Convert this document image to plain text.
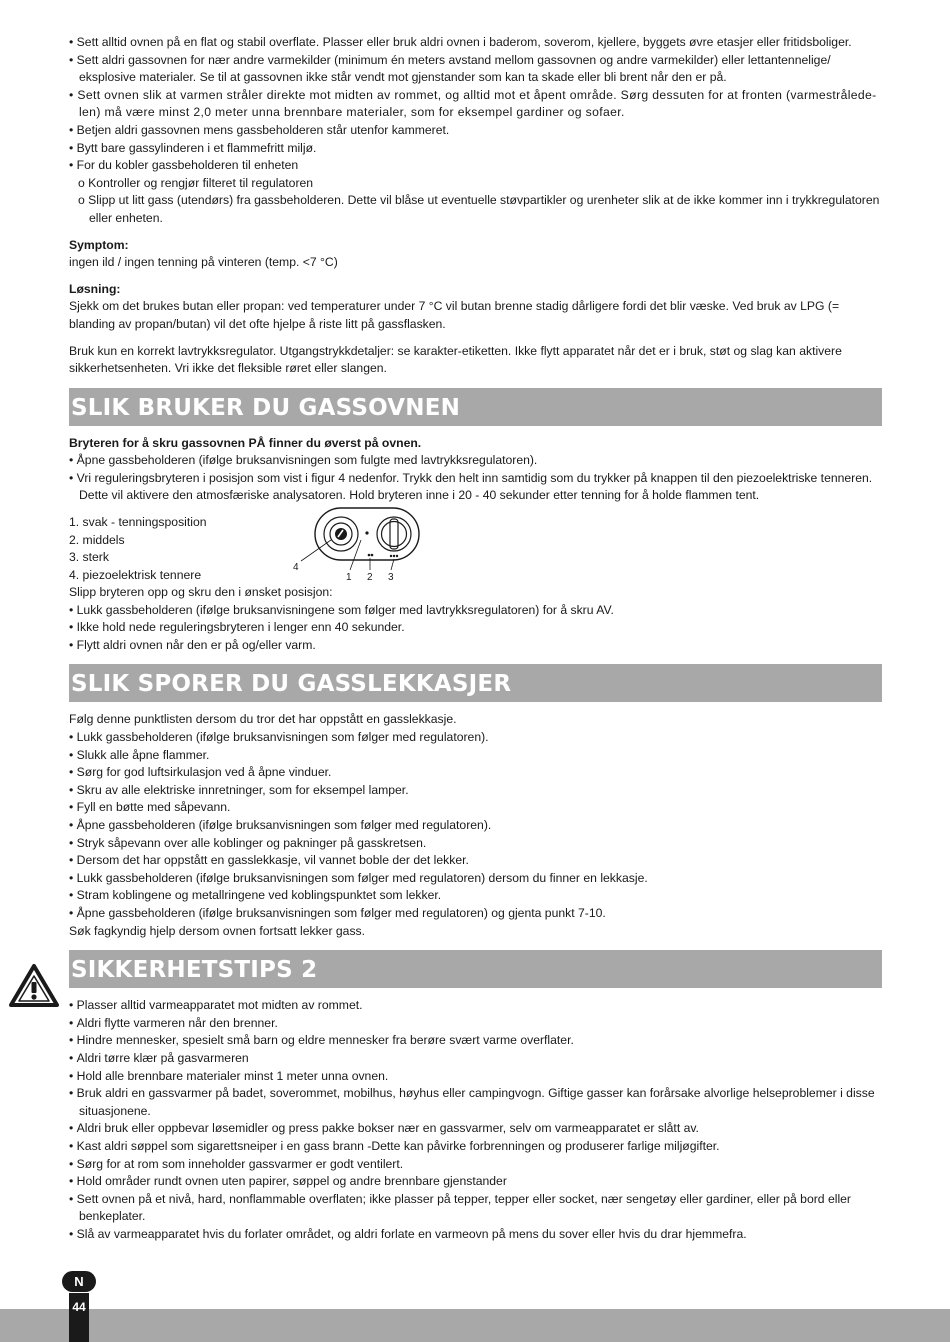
• Sett alltid ovnen på en flat og stabil overflate. Plasser eller bruk aldri ovnen i baderom, soverom, kjellere, byggets øvre etasjer eller fritidsboliger.

• Sett aldri gassovnen for nær andre varmekilder (minimum én meters avstand mellom gassovnen og andre varmekilder) eller lettantennelige/ eksplosive materialer. Se til at gassovnen ikke står vendt mot gjenstander som kan ta skade eller bli brent når den er på.

• Sett ovnen slik at varmen stråler direkte mot midten av rommet, og alltid mot et åpent område. Sørg dessuten for at fronten (varmestråledelen) må være minst 2,0 meter unna brennbare materialer, som for eksempel gardiner og sofaer.

• Betjen aldri gassovnen mens gassbeholderen står utenfor kammeret.

• Bytt bare gassylinderen i et flammefritt miljø.

• For du kobler gassbeholderen til enheten

o Kontroller og rengjør filteret til regulatoren

o Slipp ut litt gass (utendørs) fra gassbeholderen. Dette vil blåse ut eventuelle støvpartikler og urenheter slik at de ikke kommer inn i trykkregulatoren eller enheten.

Symptom:

ingen ild / ingen tenning på vinteren (temp. <7 °C)

Løsning:

Sjekk om det brukes butan eller propan: ved temperaturer under 7 °C vil butan brenne stadig dårligere fordi det blir væske. Ved bruk av LPG (= blanding av propan/butan) vil det ofte hjelpe å riste litt på gassflasken.

Bruk kun en korrekt lavtrykksregulator. Utgangstrykkdetaljer: se karakter-etiketten. Ikke flytt apparatet når det er i bruk, støt og slag kan aktivere sikkerhetsenheten. Vri ikke det fleksible røret eller slangen.

SLIK BRUKER DU GASSOVNEN

Bryteren for å skru gassovnen PÅ finner du øverst på ovnen.

• Åpne gassbeholderen (ifølge bruksanvisningen som fulgte med lavtrykksregulatoren).

• Vri reguleringsbryteren i posisjon som vist i figur 4 nedenfor. Trykk den helt inn samtidig som du trykker på knappen til den piezoelektriske tenneren. Dette vil aktivere den atmosfæriske analysatoren. Hold bryteren inne i 20 - 40 sekunder etter tenning for å holde flammen tent.

1. svak - tenningsposition

2. middels

3. sterk

4. piezoelektrisk tennere

4
1 2 3

Slipp bryteren opp og skru den i ønsket posisjon:

• Lukk gassbeholderen (ifølge bruksanvisningene som følger med lavtrykksregulatoren) for å skru AV.

• Ikke hold nede reguleringsbryteren i lenger enn 40 sekunder.

• Flytt aldri ovnen når den er på og/eller varm.

SLIK SPORER DU GASSLEKKASJER

Følg denne punktlisten dersom du tror det har oppstått en gasslekkasje.

• Lukk gassbeholderen (ifølge bruksanvisningen som følger med regulatoren).

• Slukk alle åpne flammer.

• Sørg for god luftsirkulasjon ved å åpne vinduer.

• Skru av alle elektriske innretninger, som for eksempel lamper.

• Fyll en bøtte med såpevann.

• Åpne gassbeholderen (ifølge bruksanvisningen som følger med regulatoren).

• Stryk såpevann over alle koblinger og pakninger på gasskretsen.

• Dersom det har oppstått en gasslekkasje, vil vannet boble der det lekker.

• Lukk gassbeholderen (ifølge bruksanvisningen som følger med regulatoren) dersom du finner en lekkasje.

• Stram koblingene og metallringene ved koblingspunktet som lekker.

• Åpne gassbeholderen (ifølge bruksanvisningen som følger med regulatoren) og gjenta punkt 7-10.

Søk fagkyndig hjelp dersom ovnen fortsatt lekker gass.

SIKKERHETSTIPS 2

• Plasser alltid varmeapparatet mot midten av rommet.

• Aldri flytte varmeren når den brenner.

• Hindre mennesker, spesielt små barn og eldre mennesker fra berøre svært varme overflater.

• Aldri tørre klær på gasvarmeren

• Hold alle brennbare materialer minst 1 meter unna ovnen.

• Bruk aldri en gassvarmer på badet, soverommet, mobilhus, høyhus eller campingvogn. Giftige gasser kan forårsake alvorlige helseproblemer i disse situasjonene.

• Aldri bruk eller oppbevar løsemidler og press pakke bokser nær en gassvarmer, selv om varmeapparatet er slått av.

• Kast aldri søppel som sigarettsneiper i en gass brann -Dette kan påvirke forbrenningen og produserer farlige miljøgifter.

• Sørg for at rom som inneholder gassvarmer er godt ventilert.

• Hold områder rundt ovnen uten papirer, søppel og andre brennbare gjenstander

• Sett ovnen på et nivå, hard, nonflammable overflaten; ikke plasser på tepper, tepper eller socket, nær sengetøy eller gardiner, eller på bord eller benkeplater.

• Slå av varmeapparatet hvis du forlater området, og aldri forlate en varmeovn på mens du sover eller hvis du drar hjemmefra.

N
44
